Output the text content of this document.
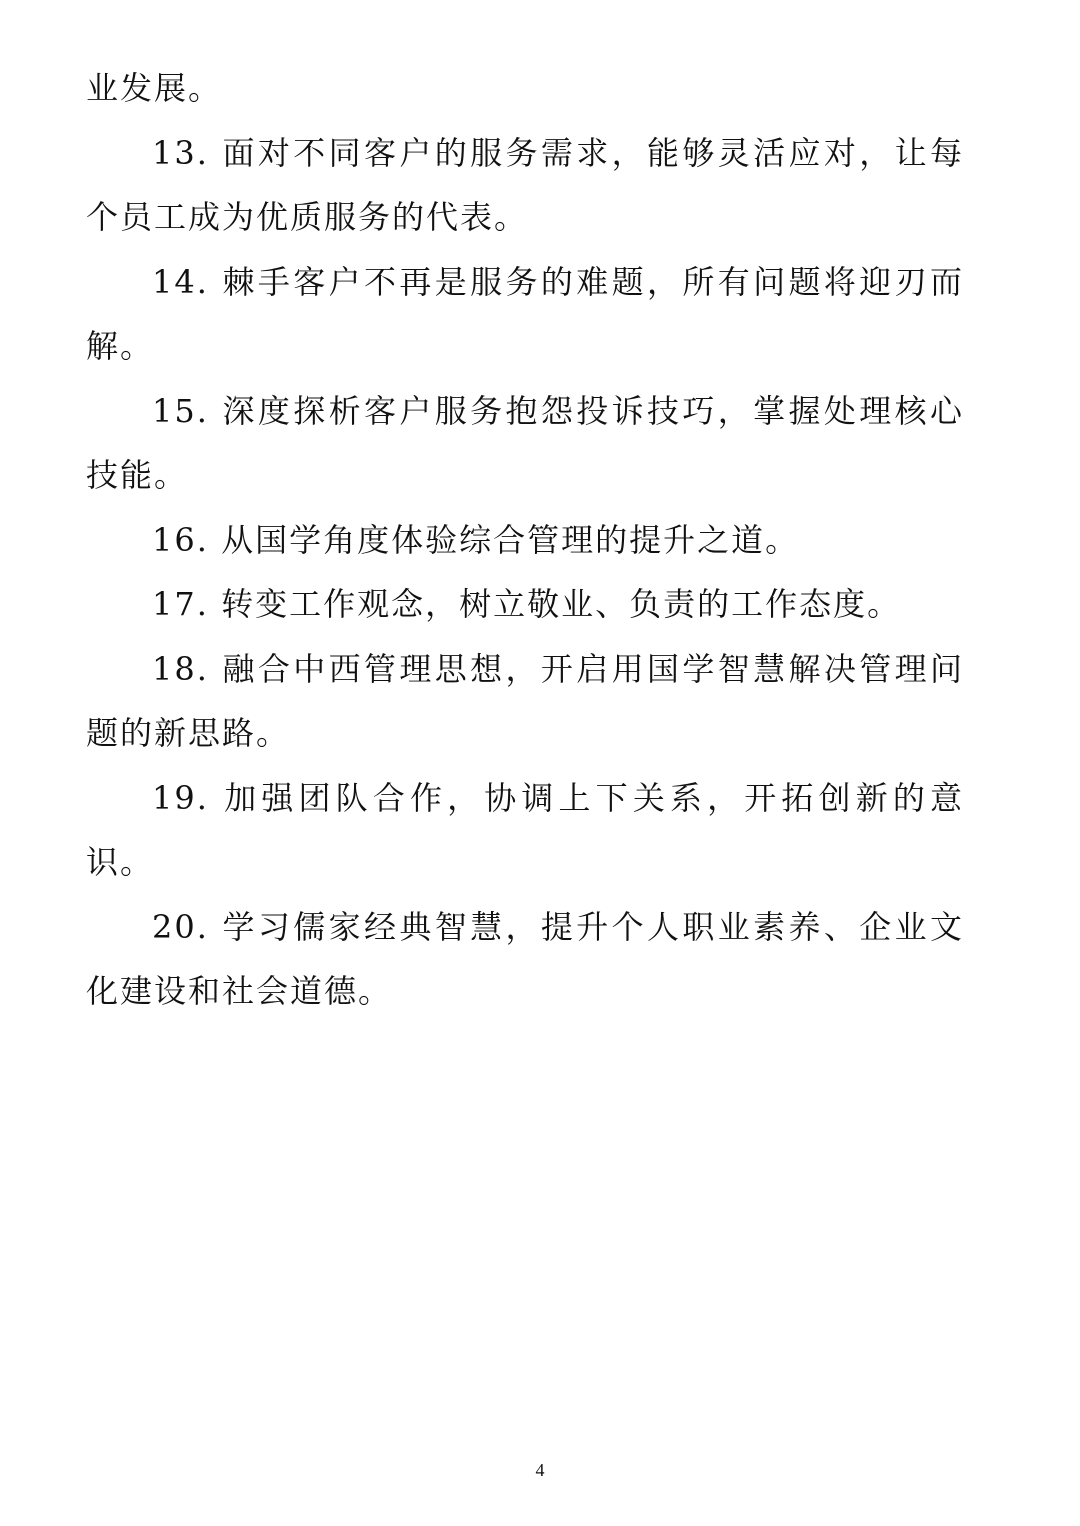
业发展。

13. 面对不同客户的服务需求，能够灵活应对，让每个员工成为优质服务的代表。

14. 棘手客户不再是服务的难题，所有问题将迎刃而解。

15. 深度探析客户服务抱怨投诉技巧，掌握处理核心技能。

16. 从国学角度体验综合管理的提升之道。

17. 转变工作观念，树立敬业、负责的工作态度。

18. 融合中西管理思想，开启用国学智慧解决管理问题的新思路。

19. 加强团队合作，协调上下关系，开拓创新的意识。

20. 学习儒家经典智慧，提升个人职业素养、企业文化建设和社会道德。

4
